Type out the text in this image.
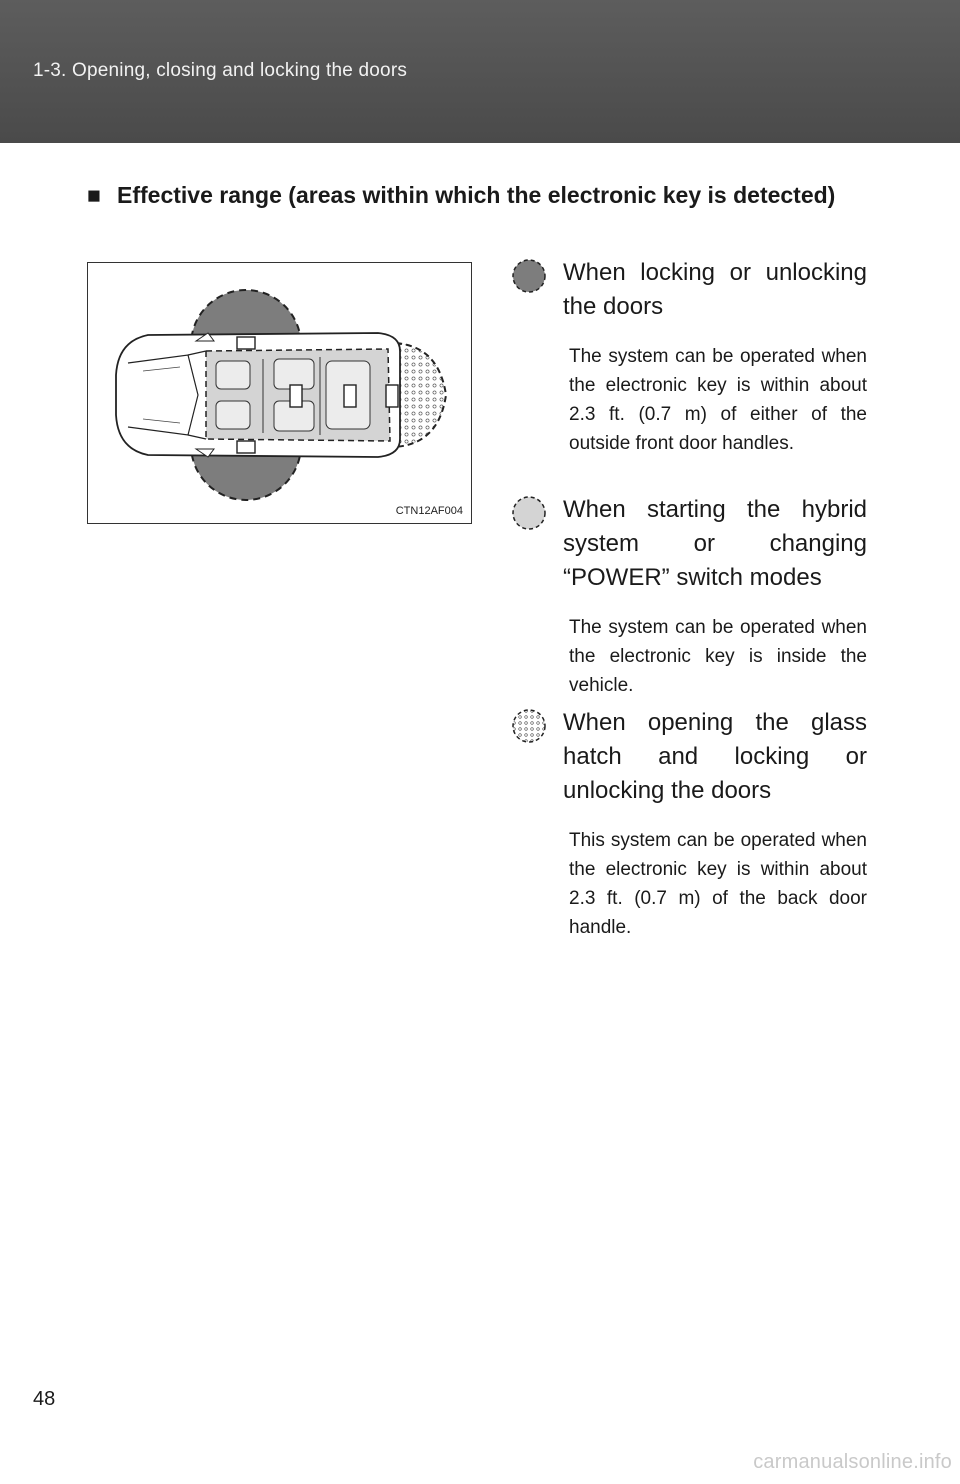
1-3. Opening, closing and locking the doors
■ Effective range (areas within which the electronic key is detected)
CTN12AF004
When locking or unlocking the doors
The system can be operated when the electronic key is within about 2.3 ft. (0.7 m) of either of the outside front door handles.
When starting the hybrid system or changing “POWER” switch modes
The system can be operated when the electronic key is inside the vehicle.
When opening the glass hatch and locking or unlocking the doors
This system can be operated when the electronic key is within about 2.3 ft. (0.7 m) of the back door handle.
48
carmanualsonline.info
